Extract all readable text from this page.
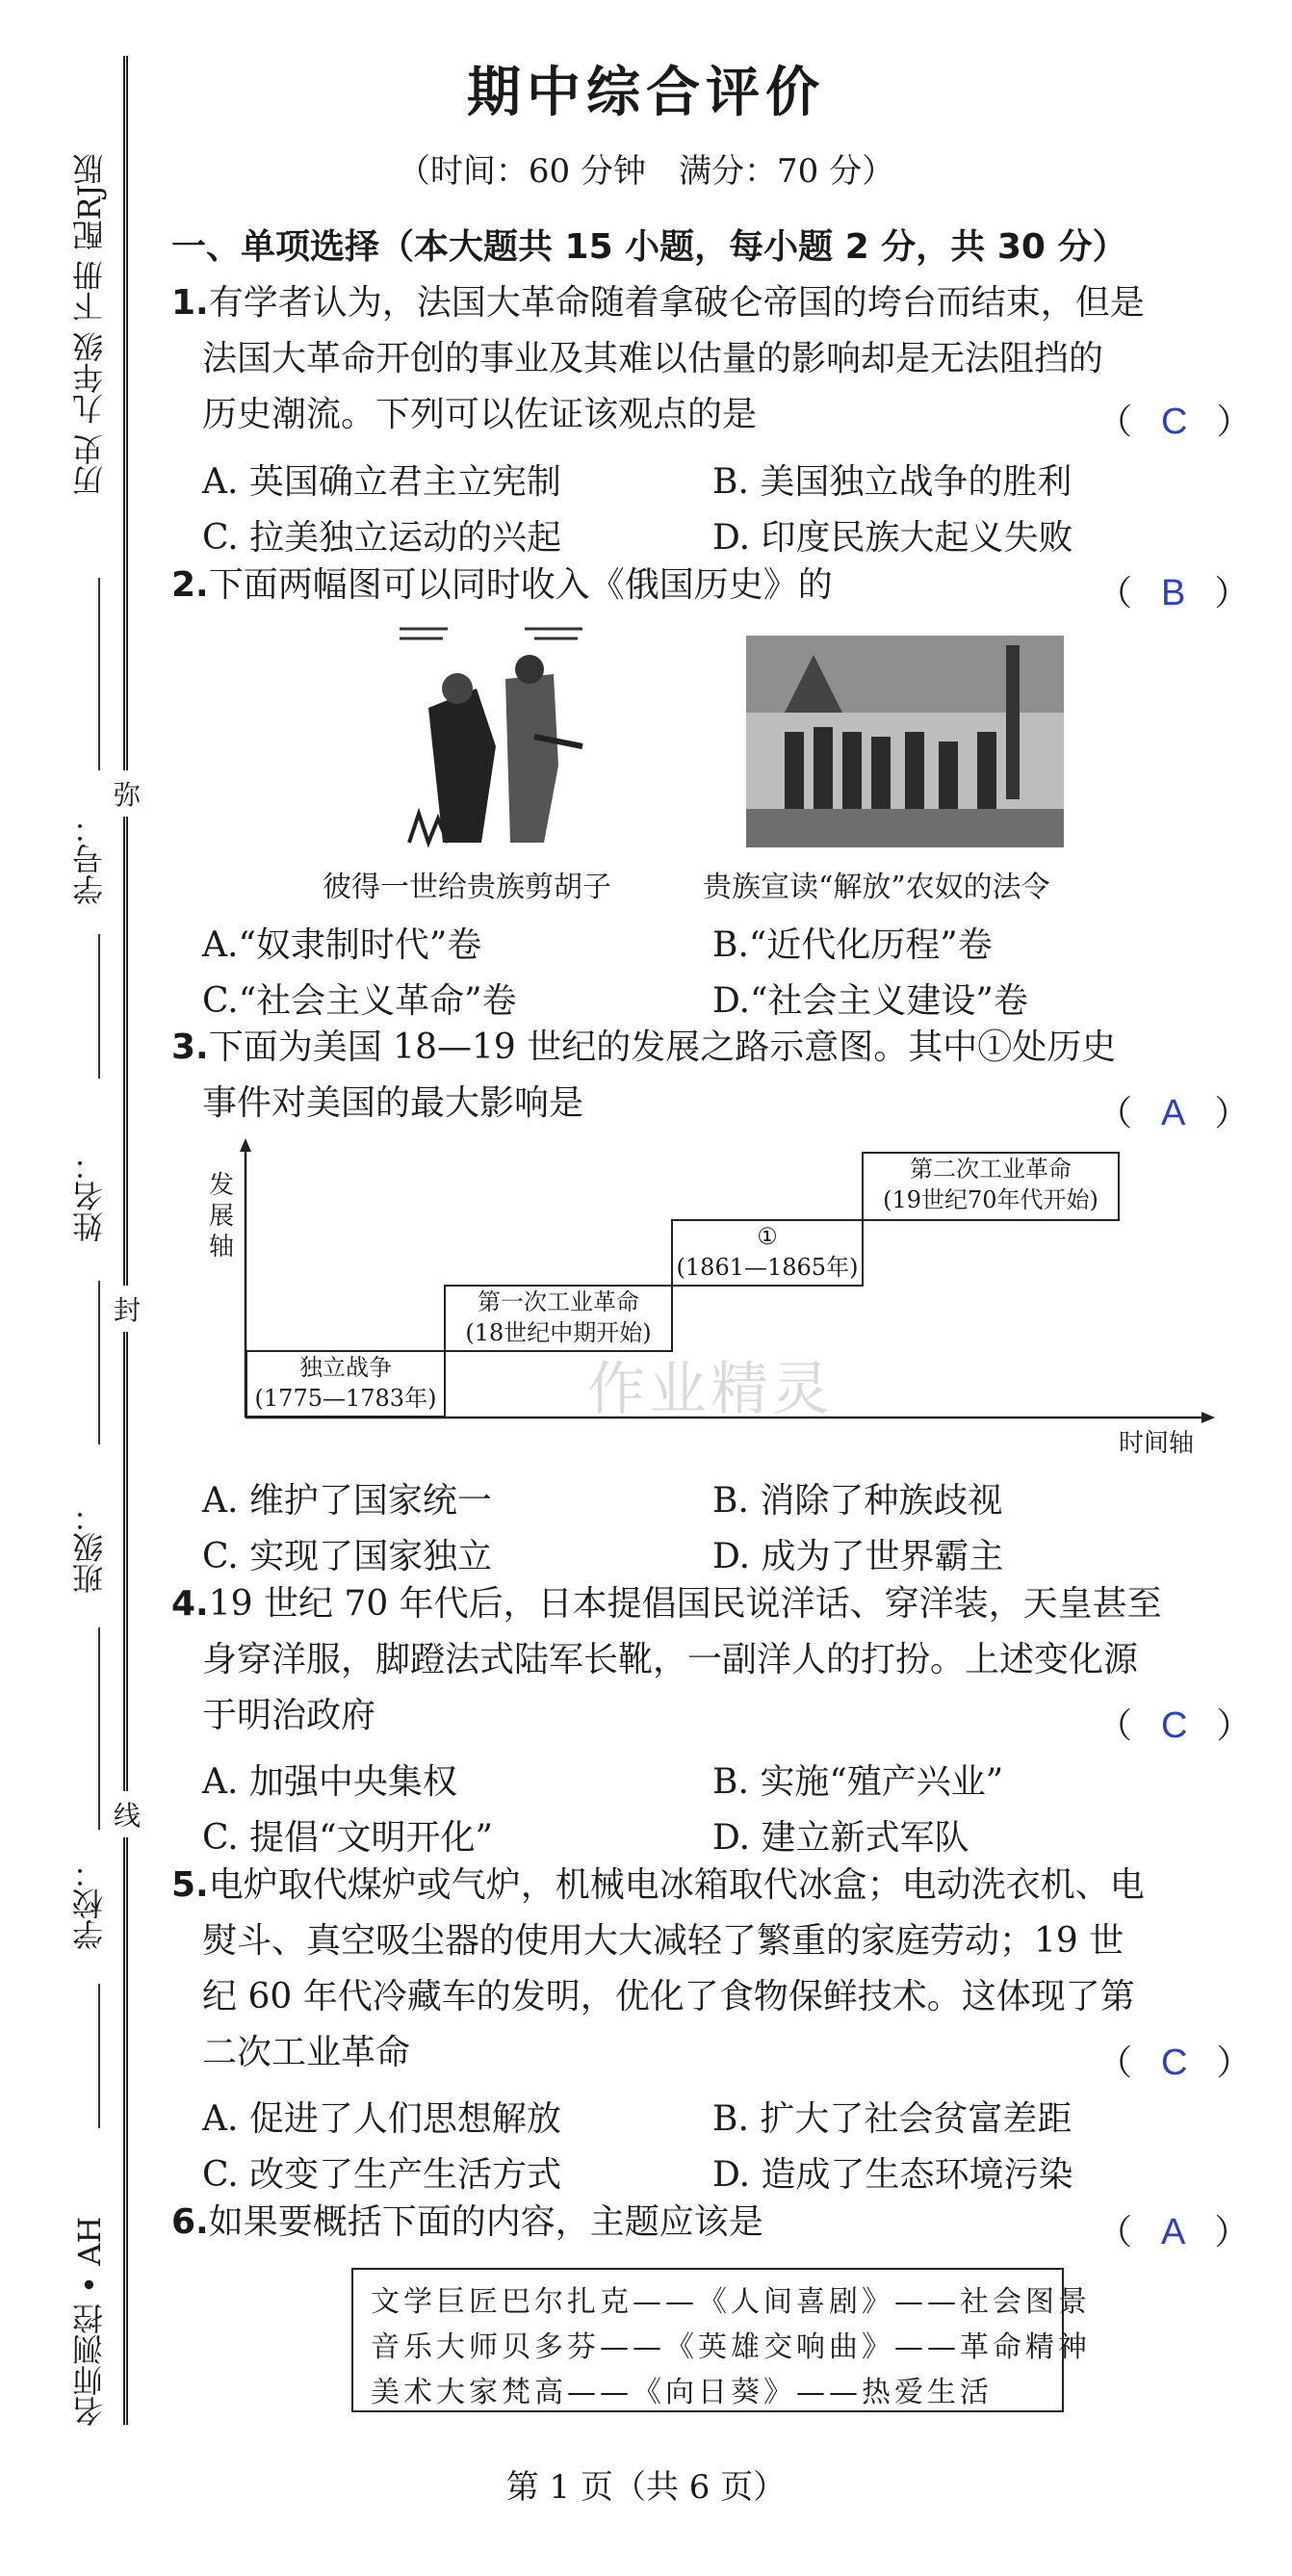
历史 九年级 下册 配RJ版
名师测控 • AH
学号：
姓名：
班级：
学校：
弥
封
线
期中综合评价
（时间：60 分钟　满分：70 分）
一、单项选择（本大题共 15 小题，每小题 2 分，共 30 分）
1.有学者认为，法国大革命随着拿破仑帝国的垮台而结束，但是
法国大革命开创的事业及其难以估量的影响却是无法阻挡的
历史潮流。下列可以佐证该观点的是	（ C ）
A. 英国确立君主立宪制	B. 美国独立战争的胜利
C. 拉美独立运动的兴起	D. 印度民族大起义失败
2.下面两幅图可以同时收入《俄国历史》的	（ B ）
彼得一世给贵族剪胡子	贵族宣读“解放”农奴的法令
A.“奴隶制时代”卷	B.“近代化历程”卷
C.“社会主义革命”卷	D.“社会主义建设”卷
3.下面为美国 18—19 世纪的发展之路示意图。其中①处历史
事件对美国的最大影响是	（ A ）
发展轴
时间轴
独立战争
(1775—1783年)
第一次工业革命
(18世纪中期开始)
①
(1861—1865年)
第二次工业革命
(19世纪70年代开始)
作业精灵
A. 维护了国家统一	B. 消除了种族歧视
C. 实现了国家独立	D. 成为了世界霸主
4.19 世纪 70 年代后，日本提倡国民说洋话、穿洋装，天皇甚至
身穿洋服，脚蹬法式陆军长靴，一副洋人的打扮。上述变化源
于明治政府	（ C ）
A. 加强中央集权	B. 实施“殖产兴业”
C. 提倡“文明开化”	D. 建立新式军队
5.电炉取代煤炉或气炉，机械电冰箱取代冰盒；电动洗衣机、电
熨斗、真空吸尘器的使用大大减轻了繁重的家庭劳动；19 世
纪 60 年代冷藏车的发明，优化了食物保鲜技术。这体现了第
二次工业革命	（ C ）
A. 促进了人们思想解放	B. 扩大了社会贫富差距
C. 改变了生产生活方式	D. 造成了生态环境污染
6.如果要概括下面的内容，主题应该是	（ A ）
文学巨匠巴尔扎克——《人间喜剧》——社会图景
音乐大师贝多芬——《英雄交响曲》——革命精神
美术大家梵高——《向日葵》——热爱生活
第 1 页（共 6 页）
